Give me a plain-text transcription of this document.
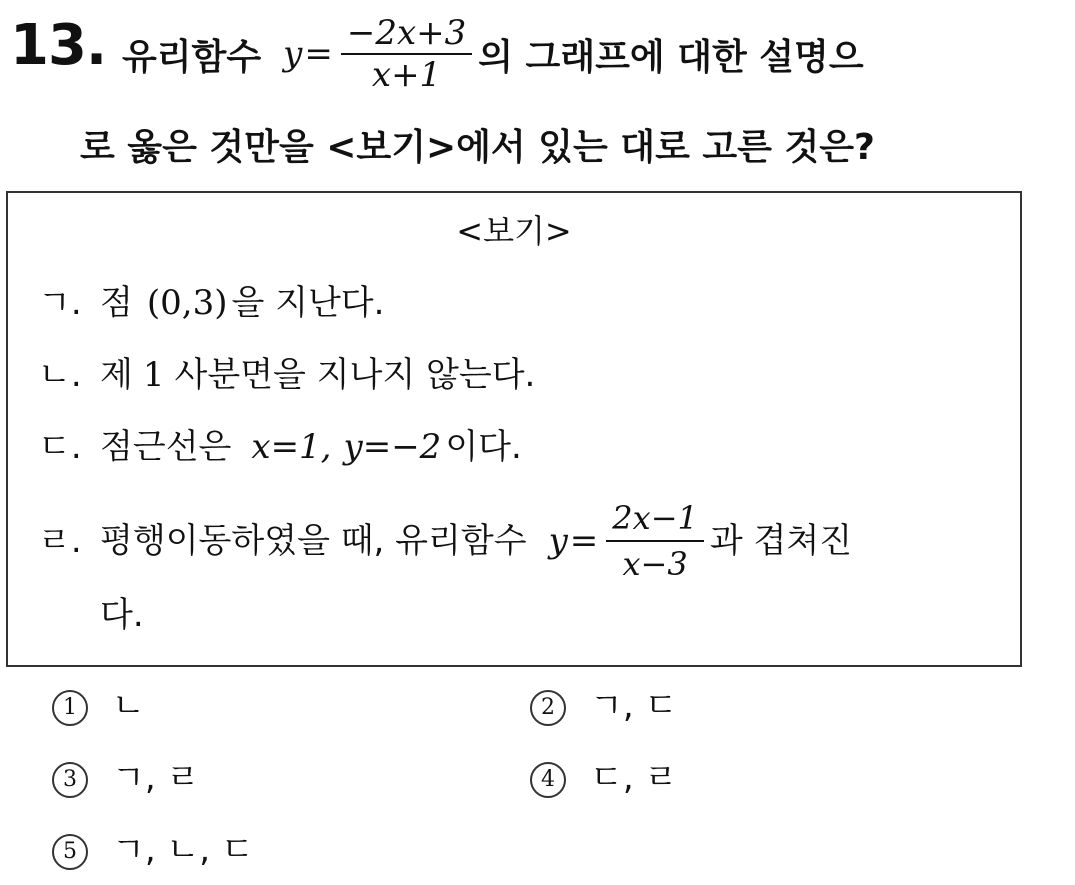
13. 유리함수 $y = \frac{-2x+3}{x+1}$ 의 그래프에 대한 설명으
로 옳은 것만을 <보기>에서 있는 대로 고른 것은?
<보기>
ㄱ. 점 (0,3) 을 지난다.
ㄴ. 제 1 사분면을 지나지 않는다.
ㄷ. 점근선은 x=1, y=−2 이다.
ㄹ. 평행이동하였을 때, 유리함수 $y = \frac{2x-1}{x-3}$ 과 겹쳐진
다.
1 ㄴ	2 ㄱ, ㄷ
3 ㄱ, ㄹ	4 ㄷ, ㄹ
5 ㄱ, ㄴ, ㄷ
